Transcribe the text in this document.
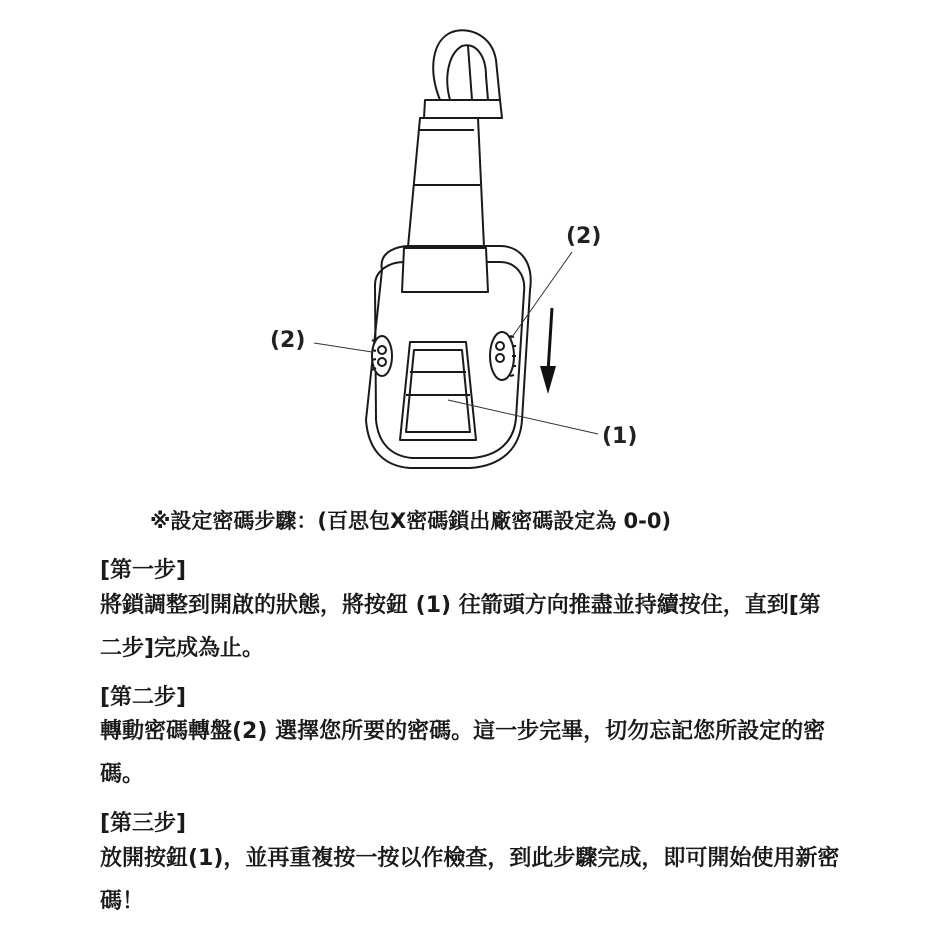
(2)
(2)
(1)
※設定密碼步驟：(百思包X密碼鎖出廠密碼設定為 0-0)
[第一步]
將鎖調整到開啟的狀態，將按鈕 (1) 往箭頭方向推盡並持續按住，直到[第二步]完成為止。
[第二步]
轉動密碼轉盤(2) 選擇您所要的密碼。這一步完畢，切勿忘記您所設定的密碼。
[第三步]
放開按鈕(1)，並再重複按一按以作檢查，到此步驟完成，即可開始使用新密碼！
